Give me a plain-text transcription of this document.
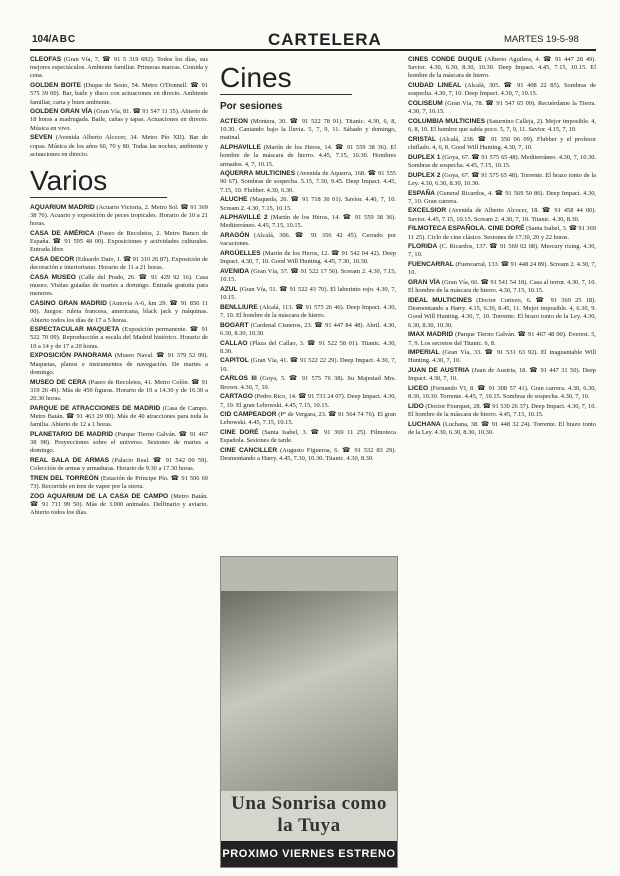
104/ABC	CARTELERA	MARTES 19-5-98
CLEOFAS (Gran Vía, 7, ☎ 91 5 319 692). Todos los días, sus mejores espectáculos. Ambiente familiar. Primeras marcas. Comida y cena.
GOLDEN BOITE (Duque de Sesto, 54. Metro O'Donnell. ☎ 91 575 39 00). Bar, baile y disco con actuaciones en directo. Ambiente familiar, carta y buen ambiente.
GOLDEN GRAN VÍA (Gran Vía, 81. ☎ 91 547 11 35). Abierto de 18 horas a madrugada. Baile, cañas y tapas. Actuaciones en directo. Música en vivo.
SEVEN (Avenida Alberto Alcocer, 34. Metro Pío XII). Bar de copas. Música de los años 60, 70 y 80. Todas las noches, ambiente y actuaciones en directo.
Varios
AQUARIUM MADRID (Acuario Victoria, 2. Metro Sol. ☎ 91 369 38 76). Acuario y exposición de peces tropicales. Horario de 10 a 21 horas.
CASA DE AMÉRICA (Paseo de Recoletos, 2. Metro Banco de España. ☎ 91 595 48 00). Exposiciones y actividades culturales. Entrada libre.
CASA DECOR (Eduardo Dato, 1. ☎ 91 310 26 87). Exposición de decoración e interiorismo. Horario de 11 a 21 horas.
CASA MUSEO (Calle del Prado, 26. ☎ 91 429 92 16). Casa museo. Visitas guiadas de martes a domingo. Entrada gratuita para menores.
CASINO GRAN MADRID (Autovía A-6, km 29. ☎ 91 856 11 00). Juegos: ruleta francesa, americana, black jack y máquinas. Abierto todos los días de 17 a 5 horas.
ESPECTACULAR MAQUETA (Exposición permanente. ☎ 91 522 70 09). Reproducción a escala del Madrid histórico. Horario de 10 a 14 y de 17 a 20 horas.
EXPOSICIÓN PANORAMA (Museo Naval. ☎ 91 379 52 99). Maquetas, planos e instrumentos de navegación. De martes a domingo.
MUSEO DE CERA (Paseo de Recoletos, 41. Metro Colón. ☎ 91 319 26 49). Más de 450 figuras. Horario de 10 a 14.30 y de 16.30 a 20.30 horas.
PARQUE DE ATRACCIONES DE MADRID (Casa de Campo. Metro Batán. ☎ 91 463 29 00). Más de 40 atracciones para toda la familia. Abierto de 12 a 1 horas.
PLANETARIO DE MADRID (Parque Tierno Galván. ☎ 91 467 38 98). Proyecciones sobre el universo. Sesiones de martes a domingo.
REAL SALA DE ARMAS (Palacio Real. ☎ 91 542 00 59). Colección de armas y armaduras. Horario de 9.30 a 17.30 horas.
TREN DEL TORREÓN (Estación de Príncipe Pío. ☎ 91 506 69 73). Recorrido en tren de vapor por la sierra.
ZOO AQUARIUM DE LA CASA DE CAMPO (Metro Batán. ☎ 91 711 99 50). Más de 3.000 animales. Delfinario y aviario. Abierto todos los días.
Cines
Por sesiones
ACTEON (Montera, 30. ☎ 91 522 78 91). Titanic. 4.30, 6, 8, 10.30. Cantando bajo la lluvia. 5, 7, 9, 11. Sábado y domingo, matinal.
ALPHAVILLE (Martín de los Heros, 14. ☎ 91 559 38 36). El hombre de la máscara de hierro. 4.45, 7.15, 10.30. Hombres armados. 4, 7, 10.15.
AQUERRA MULTICINES (Avenida de Aquerra, 168. ☎ 91 555 90 67). Sombras de sospecha. 5.15, 7.30, 9.45. Deep Impact. 4.45, 7.15, 10. Flubber. 4.30, 6.30.
ALUCHE (Maqueda, 20. ☎ 91 718 30 01). Savior. 4.40, 7, 10. Scream 2. 4.30, 7.15, 10.15.
ALPHAVILLE 2 (Martín de los Heros, 14. ☎ 91 559 38 36). Mediterráneo. 4.45, 7.15, 10.15.
ARAGÓN (Alcalá, 306. ☎ 91 356 42 45). Cerrado por vacaciones.
ARGÜELLES (Martín de los Heros, 12. ☎ 91 542 04 42). Deep Impact. 4.30, 7, 10. Good Will Hunting. 4.45, 7.30, 10.30.
AVENIDA (Gran Vía, 37. ☎ 91 522 17 56). Scream 2. 4.30, 7.15, 10.15.
AZUL (Gran Vía, 51. ☎ 91 522 43 70). El laberinto rojo. 4.30, 7, 10.15.
BENLLIURE (Alcalá, 113. ☎ 91 575 26 46). Deep Impact. 4.30, 7, 10. El hombre de la máscara de hierro.
BOGART (Cardenal Cisneros, 23. ☎ 91 447 84 48). Abril. 4.30, 6.30, 8.30, 10.30.
CALLAO (Plaza del Callao, 3. ☎ 91 522 58 01). Titanic. 4.30, 8.30.
CAPITOL (Gran Vía, 41. ☎ 91 522 22 29). Deep Impact. 4.30, 7, 10.
CARLOS III (Goya, 5. ☎ 91 575 76 38). Su Majestad Mrs. Brown. 4.30, 7, 10.
CARTAGO (Pedro Rico, 14. ☎ 91 733 24 07). Deep Impact. 4.30, 7, 10. El gran Lebowski. 4.45, 7.15, 10.15.
CID CAMPEADOR (Pº de Vergara, 23. ☎ 91 564 74 76). El gran Lebowski. 4.45, 7.15, 10.15.
CINE DORÉ (Santa Isabel, 3. ☎ 91 369 11 25). Filmoteca Española. Sesiones de tarde.
CINE CANCILLER (Augusto Figueroa, 6. ☎ 91 532 83 29). Desmontando a Harry. 4.45, 7.30, 10.30. Titanic. 4.30, 8.30.
Una Sonrisa como la Tuya
PROXIMO VIERNES ESTRENO
CINES CONDE DUQUE (Alberto Aguilera, 4. ☎ 91 447 28 49). Savior. 4.30, 6.30, 8.30, 10.30. Deep Impact. 4.45, 7.15, 10.15. El hombre de la máscara de hierro.
CIUDAD LINEAL (Alcalá, 305. ☎ 91 408 22 85). Sombras de sospecha. 4.30, 7, 10. Deep Impact. 4.30, 7, 10.15.
COLISEUM (Gran Vía, 78. ☎ 91 547 65 09). Recuérdame la Tierra. 4.30, 7, 10.15.
COLUMBIA MULTICINES (Saturnino Calleja, 2). Mejor imposible. 4, 6, 8, 10. El hombre que sabía poco. 5, 7, 9, 11. Savior. 4.15, 7, 10.
CRISTAL (Alcalá, 238. ☎ 91 356 06 09). Flubber y el profesor chiflado. 4, 6, 8. Good Will Hunting. 4.30, 7, 10.
DUPLEX 1 (Goya, 67. ☎ 91 575 65 48). Mediterráneo. 4.30, 7, 10.30. Sombras de sospecha. 4.45, 7.15, 10.15.
DUPLEX 2 (Goya, 67. ☎ 91 575 65 48). Torrente. El brazo tonto de la Ley. 4.30, 6.30, 8.30, 10.30.
ESPAÑA (General Ricardos, 4. ☎ 91 569 50 86). Deep Impact. 4.30, 7, 10. Gran carrera.
EXCELSIOR (Avenida de Alberto Alcocer, 18. ☎ 91 458 44 00). Savior. 4.45, 7.15, 10.15. Scream 2. 4.30, 7, 10. Titanic. 4.30, 8.30.
FILMOTECA ESPAÑOLA. CINE DORÉ (Santa Isabel, 3. ☎ 91 369 11 25). Ciclo de cine clásico. Sesiones de 17.30, 20 y 22 horas.
FLORIDA (C. Ricardos, 137. ☎ 91 569 02 08). Mercury rising. 4.30, 7, 10.
FUENCARRAL (Fuencarral, 133. ☎ 91 448 24 89). Scream 2. 4.30, 7, 10.
GRAN VÍA (Gran Vía, 66. ☎ 91 541 54 18). Casa al terror. 4.30, 7, 10. El hombre de la máscara de hierro. 4.30, 7.15, 10.15.
IDEAL MULTICINES (Doctor Cortezo, 6. ☎ 91 369 25 18). Desmontando a Harry. 4.15, 6.30, 8.45, 11. Mejor imposible. 4, 6.30, 9. Good Will Hunting. 4.30, 7, 10. Torrente. El brazo tonto de la Ley. 4.30, 6.30, 8.30, 10.30.
IMAX MADRID (Parque Tierno Galván. ☎ 91 467 48 00). Everest. 5, 7, 9. Los secretos del Titanic. 6, 8.
IMPERIAL (Gran Vía, 33. ☎ 91 531 63 92). El inaguantable Will Hunting. 4.30, 7, 10.
JUAN DE AUSTRIA (Juan de Austria, 18. ☎ 91 447 31 50). Deep Impact. 4.30, 7, 10.
LICEO (Fernando VI, 8. ☎ 91 308 57 41). Gran carrera. 4.30, 6.30, 8.30, 10.30. Torrente. 4.45, 7, 10.15. Sombras de sospecha. 4.30, 7, 10.
LIDO (Doctor Fourquet, 28. ☎ 91 530 26 37). Deep Impact. 4.30, 7, 10. El hombre de la máscara de hierro. 4.45, 7.15, 10.15.
LUCHANA (Luchana, 38. ☎ 91 448 32 24). Torrente. El brazo tonto de la Ley. 4.30, 6.30, 8.30, 10.30.
